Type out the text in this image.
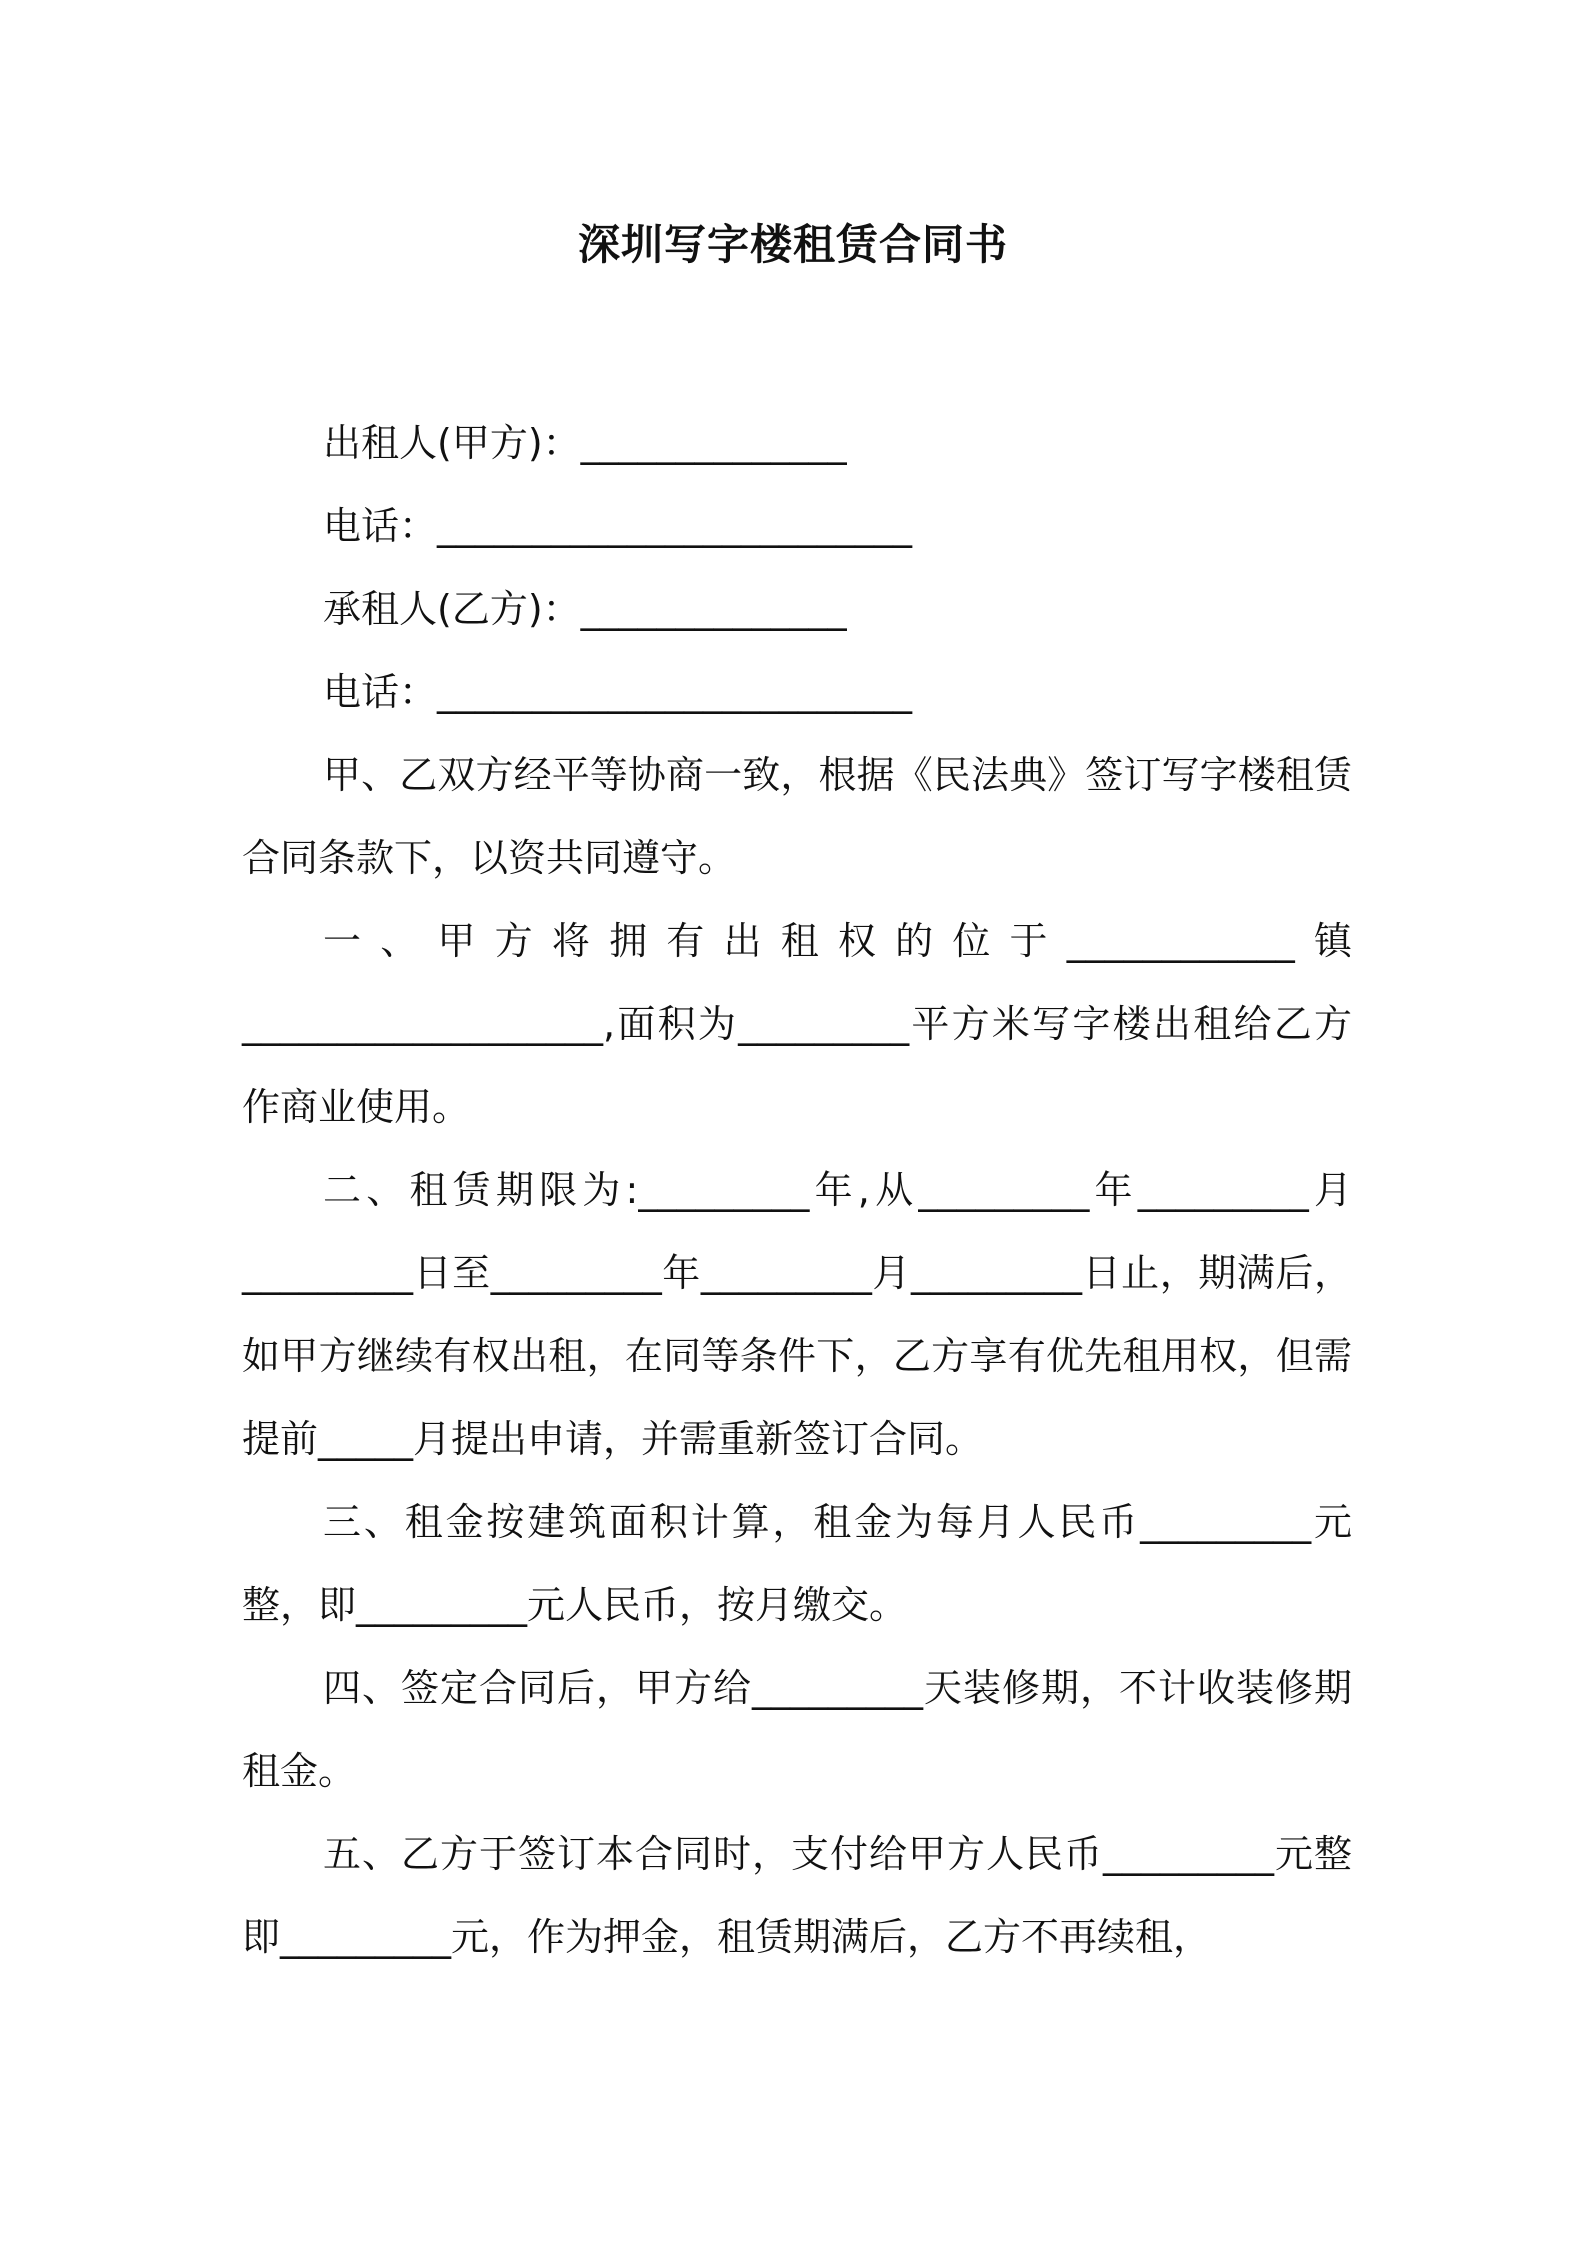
深圳写字楼租赁合同书

出租人(甲方)：______________

电话：_________________________

承租人(乙方)：______________

电话：_________________________

甲、乙双方经平等协商一致，根据《民法典》签订写字楼租赁合同条款下，以资共同遵守。

一、甲方将拥有出租权的位于____________镇___________________,面积为_________平方米写字楼出租给乙方作商业使用。

二、租赁期限为:_________年,从_________年_________月_________日至_________年_________月_________日止，期满后，如甲方继续有权出租，在同等条件下，乙方享有优先租用权，但需提前_____月提出申请，并需重新签订合同。

三、租金按建筑面积计算，租金为每月人民币_________元整，即_________元人民币，按月缴交。

四、签定合同后，甲方给_________天装修期，不计收装修期租金。

五、乙方于签订本合同时，支付给甲方人民币_________元整即_________元，作为押金，租赁期满后，乙方不再续租，
